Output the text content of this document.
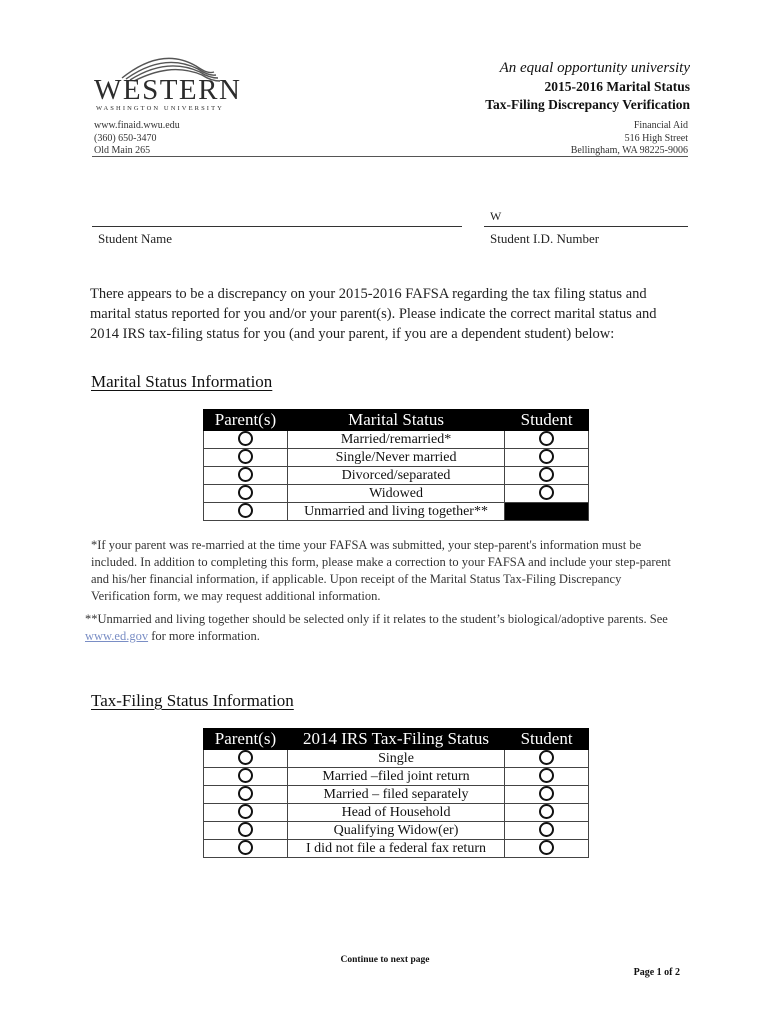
WESTERN
WASHINGTON UNIVERSITY
An equal opportunity university
2015-2016 Marital Status
Tax-Filing Discrepancy Verification
www.finaid.wwu.edu
(360) 650-3470
Old Main 265
Financial Aid
516 High Street
Bellingham, WA 98225-9006
Student Name
W
Student I.D. Number
There appears to be a discrepancy on your 2015-2016 FAFSA regarding the tax filing status and marital status reported for you and/or your parent(s). Please indicate the correct marital status and 2014 IRS tax-filing status for you (and your parent, if you are a dependent student) below:
Marital Status Information
Parent(s)	Marital Status	Student
	Married/remarried*	
	Single/Never married	
	Divorced/separated	
	Widowed	
	Unmarried and living together**	
*If your parent was re-married at the time your FAFSA was submitted, your step-parent's information must be included. In addition to completing this form, please make a correction to your FAFSA and include your step-parent and his/her financial information, if applicable. Upon receipt of the Marital Status Tax-Filing Discrepancy Verification form, we may request additional information.
**Unmarried and living together should be selected only if it relates to the student’s biological/adoptive parents. See www.ed.gov for more information.
Tax-Filing Status Information
Parent(s)	2014 IRS Tax-Filing Status	Student
	Single	
	Married –filed joint return	
	Married – filed separately	
	Head of Household	
	Qualifying Widow(er)	
	I did not file a federal fax return	
Continue to next page
Page 1 of 2
